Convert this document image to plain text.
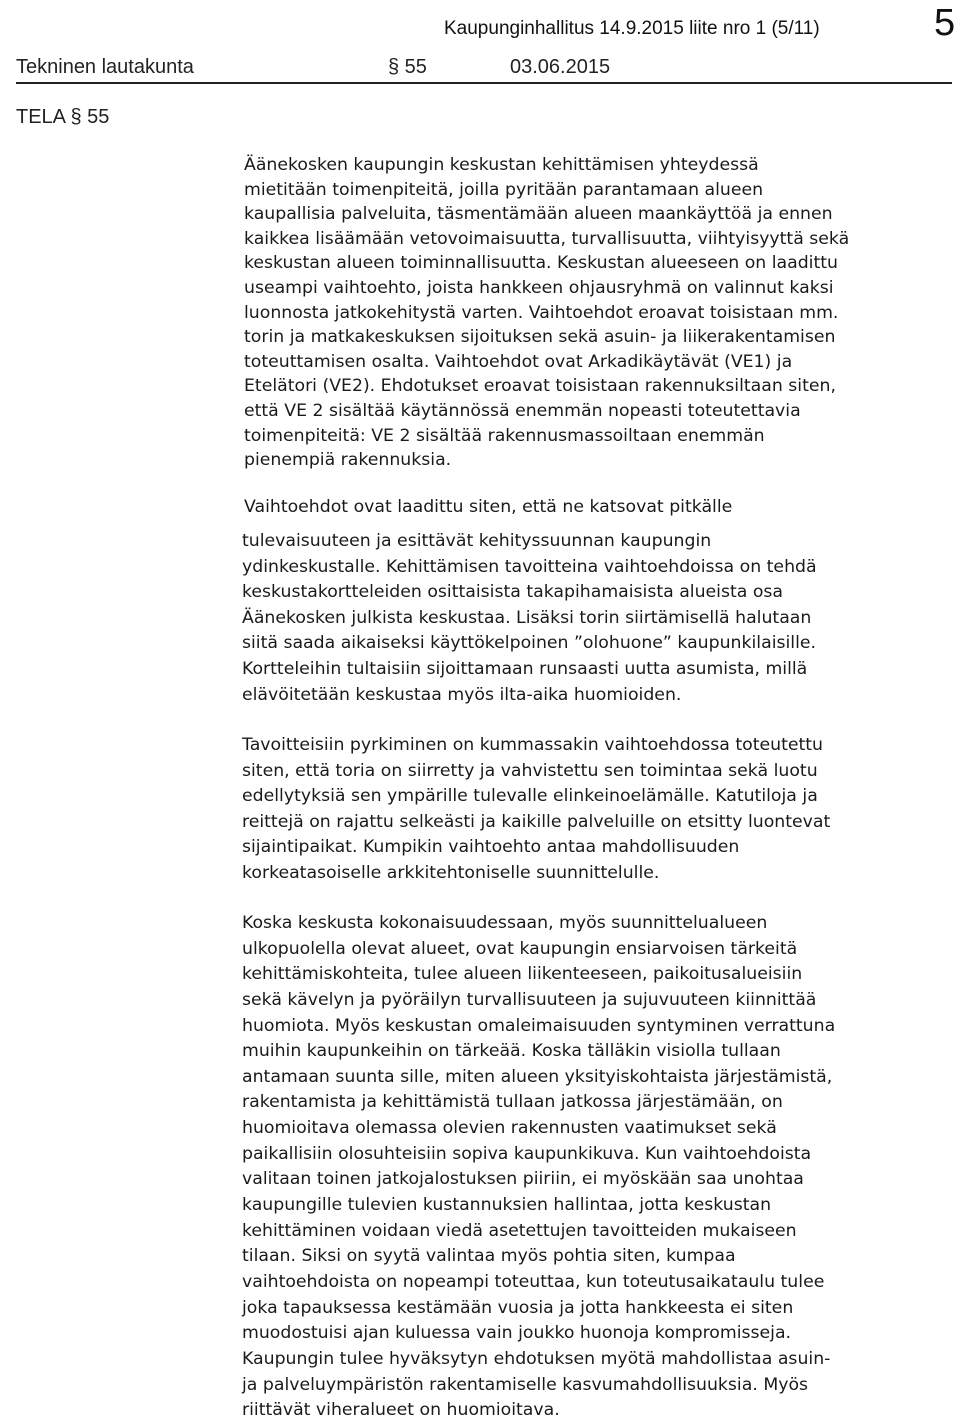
Kaupunginhallitus 14.9.2015 liite nro 1 (5/11)	5
Tekninen lautakunta	§ 55	03.06.2015
TELA § 55
Äänekosken kaupungin keskustan kehittämisen yhteydessä
mietitään toimenpiteitä, joilla pyritään parantamaan alueen
kaupallisia palveluita, täsmentämään alueen maankäyttöä ja ennen
kaikkea lisäämään vetovoimaisuutta, turvallisuutta, viihtyisyyttä sekä
keskustan alueen toiminnallisuutta. Keskustan alueeseen on laadittu
useampi vaihtoehto, joista hankkeen ohjausryhmä on valinnut kaksi
luonnosta jatkokehitystä varten. Vaihtoehdot eroavat toisistaan mm.
torin ja matkakeskuksen sijoituksen sekä asuin- ja liikerakentamisen
toteuttamisen osalta. Vaihtoehdot ovat Arkadikäytävät (VE1) ja
Etelätori (VE2). Ehdotukset eroavat toisistaan rakennuksiltaan siten,
että VE 2 sisältää käytännössä enemmän nopeasti toteutettavia
toimenpiteitä: VE 2 sisältää rakennusmassoiltaan enemmän
pienempiä rakennuksia.
Vaihtoehdot ovat laadittu siten, että ne katsovat pitkälle
tulevaisuuteen ja esittävät kehityssuunnan kaupungin
ydinkeskustalle. Kehittämisen tavoitteina vaihtoehdoissa on tehdä
keskustakortteleiden osittaisista takapihamaisista alueista osa
Äänekosken julkista keskustaa. Lisäksi torin siirtämisellä halutaan
siitä saada aikaiseksi käyttökelpoinen ”olohuone” kaupunkilaisille.
Kortteleihin tultaisiin sijoittamaan runsaasti uutta asumista, millä
elävöitetään keskustaa myös ilta-aika huomioiden.
Tavoitteisiin pyrkiminen on kummassakin vaihtoehdossa toteutettu
siten, että toria on siirretty ja vahvistettu sen toimintaa sekä luotu
edellytyksiä sen ympärille tulevalle elinkeinoelämälle. Katutiloja ja
reittejä on rajattu selkeästi ja kaikille palveluille on etsitty luontevat
sijaintipaikat. Kumpikin vaihtoehto antaa mahdollisuuden
korkeatasoiselle arkkitehtoniselle suunnittelulle.
Koska keskusta kokonaisuudessaan, myös suunnittelualueen
ulkopuolella olevat alueet, ovat kaupungin ensiarvoisen tärkeitä
kehittämiskohteita, tulee alueen liikenteeseen, paikoitusalueisiin
sekä kävelyn ja pyöräilyn turvallisuuteen ja sujuvuuteen kiinnittää
huomiota. Myös keskustan omaleimaisuuden syntyminen verrattuna
muihin kaupunkeihin on tärkeää. Koska tälläkin visiolla tullaan
antamaan suunta sille, miten alueen yksityiskohtaista järjestämistä,
rakentamista ja kehittämistä tullaan jatkossa järjestämään, on
huomioitava olemassa olevien rakennusten vaatimukset sekä
paikallisiin olosuhteisiin sopiva kaupunkikuva. Kun vaihtoehdoista
valitaan toinen jatkojalostuksen piiriin, ei myöskään saa unohtaa
kaupungille tulevien kustannuksien hallintaa, jotta keskustan
kehittäminen voidaan viedä asetettujen tavoitteiden mukaiseen
tilaan. Siksi on syytä valintaa myös pohtia siten, kumpaa
vaihtoehdoista on nopeampi toteuttaa, kun toteutusaikataulu tulee
joka tapauksessa kestämään vuosia ja jotta hankkeesta ei siten
muodostuisi ajan kuluessa vain joukko huonoja kompromisseja.
Kaupungin tulee hyväksytyn ehdotuksen myötä mahdollistaa asuin-
ja palveluympäristön rakentamiselle kasvumahdollisuuksia. Myös
riittävät viheralueet on huomioitava.
